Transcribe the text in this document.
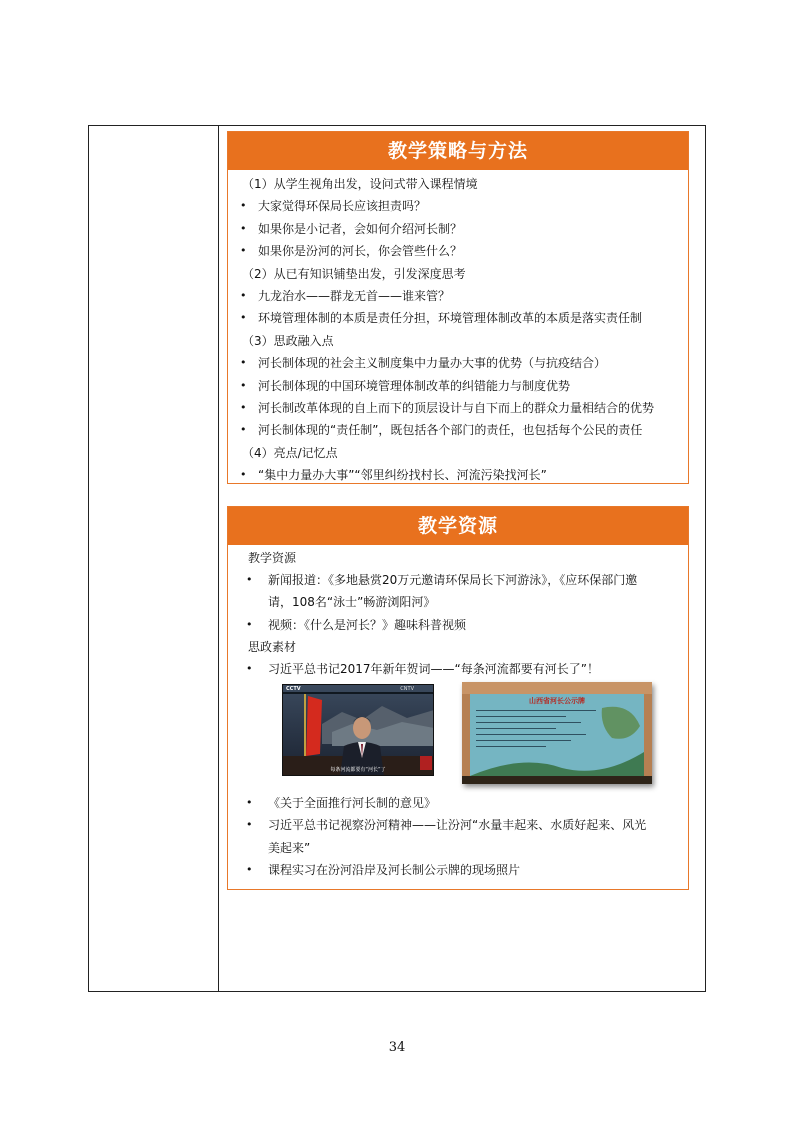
教学策略与方法
（1）从学生视角出发，设问式带入课程情境
• 大家觉得环保局长应该担责吗？
• 如果你是小记者，会如何介绍河长制？
• 如果你是汾河的河长，你会管些什么？
（2）从已有知识铺垫出发，引发深度思考
• 九龙治水——群龙无首——谁来管？
• 环境管理体制的本质是责任分担，环境管理体制改革的本质是落实责任制
（3）思政融入点
• 河长制体现的社会主义制度集中力量办大事的优势（与抗疫结合）
• 河长制体现的中国环境管理体制改革的纠错能力与制度优势
• 河长制改革体现的自上而下的顶层设计与自下而上的群众力量相结合的优势
• 河长制体现的“责任制”，既包括各个部门的责任，也包括每个公民的责任
（4）亮点/记忆点
• “集中力量办大事”“邻里纠纷找村长、河流污染找河长”
教学资源
教学资源
• 新闻报道：《多地悬赏20万元邀请环保局长下河游泳》，《应环保部门邀
请，108名“泳士”畅游浏阳河》
• 视频：《什么是河长？》趣味科普视频
思政素材
• 习近平总书记2017年新年贺词——“每条河流都要有河长了”！
CCTV	CNTV
每条河流都要有“河长”了
山西省河长公示牌
• 《关于全面推行河长制的意见》
• 习近平总书记视察汾河精神——让汾河“水量丰起来、水质好起来、风光
美起来”
• 课程实习在汾河沿岸及河长制公示牌的现场照片
34
